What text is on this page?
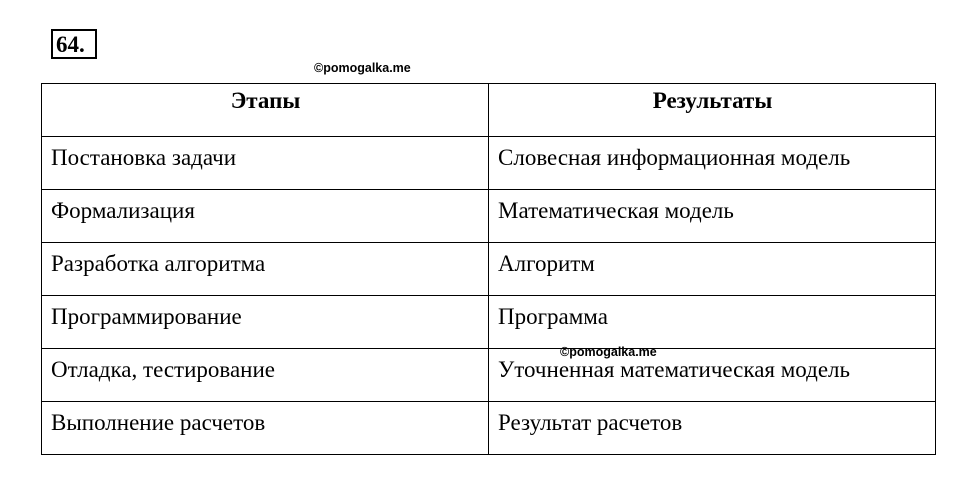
64.
©pomogalka.me
©pomogalka.me
Этапы	Результаты
Постановка задачи	Словесная информационная модель
Формализация	Математическая модель
Разработка алгоритма	Алгоритм
Программирование	Программа
Отладка, тестирование	Уточненная математическая модель
Выполнение расчетов	Результат расчетов
